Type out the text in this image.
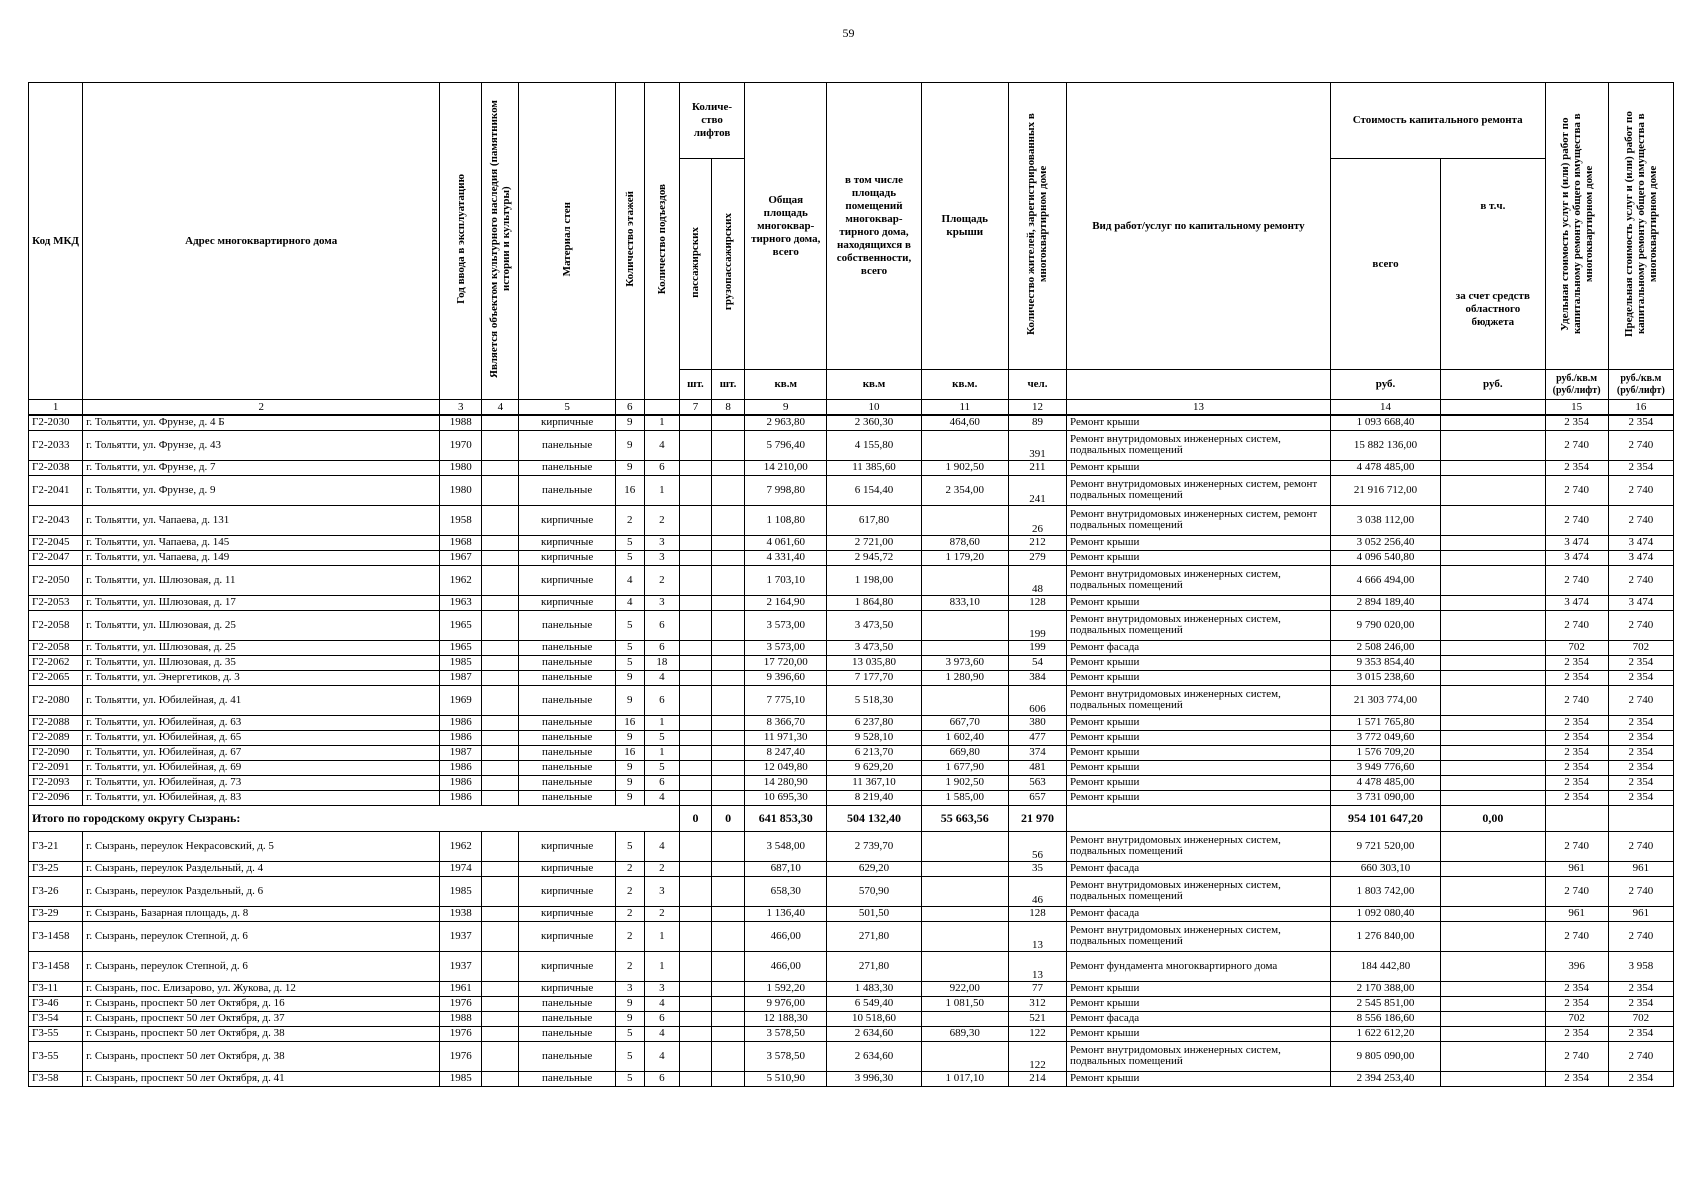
59
Код МКД	Адрес многоквартирного дома	Год ввода в эксплуатацию	Является объектом культурного наследия (памятником истории и культуры)	Материал стен	Количество этажей	Количество подъездов	Количе-ство лифтов		Общая площадь многоквар-тирного дома, всего	в том числе площадь помещений многоквар-тирного дома, находящихся в собственности, всего	Площадь крыши	Количество жителей, зарегистрированных в многоквартирном доме	Вид работ/услуг по капитальному ремонту	Стоимость капитального ремонта		Удельная стоимость услуг и (или) работ по капитальному ремонту общего имущества в многоквартирном доме	Предельная стоимость услуг и (или) работ по капитальному ремонту общего имущества в многоквартирном доме
							пассажирских	грузопассажирских						всего	в т.ч.
за счет средств областного бюджета		

							шт.	шт.	кв.м	кв.м	кв.м.	чел.		руб.	руб.	руб./кв.м (руб/лифт)	руб./кв.м (руб/лифт)
1	2	3	4	5	6		7	8	9	10	11	12	13	14		15	16
Г2-2030	г. Тольятти, ул. Фрунзе, д. 4 Б	1988		кирпичные	9	1			2 963,80	2 360,30	464,60	89	Ремонт крыши	1 093 668,40		2 354	2 354
Г2-2033	г. Тольятти, ул. Фрунзе, д. 43	1970		панельные	9	4			5 796,40	4 155,80		391	Ремонт внутридомовых инженерных систем, подвальных помещений	15 882 136,00		2 740	2 740
Г2-2038	г. Тольятти, ул. Фрунзе, д. 7	1980		панельные	9	6			14 210,00	11 385,60	1 902,50	211	Ремонт крыши	4 478 485,00		2 354	2 354
Г2-2041	г. Тольятти, ул. Фрунзе, д. 9	1980		панельные	16	1			7 998,80	6 154,40	2 354,00	241	Ремонт внутридомовых инженерных систем, ремонт подвальных помещений	21 916 712,00		2 740	2 740
Г2-2043	г. Тольятти, ул. Чапаева, д. 131	1958		кирпичные	2	2			1 108,80	617,80		26	Ремонт внутридомовых инженерных систем, ремонт подвальных помещений	3 038 112,00		2 740	2 740
Г2-2045	г. Тольятти, ул. Чапаева, д. 145	1968		кирпичные	5	3			4 061,60	2 721,00	878,60	212	Ремонт крыши	3 052 256,40		3 474	3 474
Г2-2047	г. Тольятти, ул. Чапаева, д. 149	1967		кирпичные	5	3			4 331,40	2 945,72	1 179,20	279	Ремонт крыши	4 096 540,80		3 474	3 474
Г2-2050	г. Тольятти, ул. Шлюзовая, д. 11	1962		кирпичные	4	2			1 703,10	1 198,00		48	Ремонт внутридомовых инженерных систем, подвальных помещений	4 666 494,00		2 740	2 740
Г2-2053	г. Тольятти, ул. Шлюзовая, д. 17	1963		кирпичные	4	3			2 164,90	1 864,80	833,10	128	Ремонт крыши	2 894 189,40		3 474	3 474
Г2-2058	г. Тольятти, ул. Шлюзовая, д. 25	1965		панельные	5	6			3 573,00	3 473,50		199	Ремонт внутридомовых инженерных систем, подвальных помещений	9 790 020,00		2 740	2 740
Г2-2058	г. Тольятти, ул. Шлюзовая, д. 25	1965		панельные	5	6			3 573,00	3 473,50		199	Ремонт фасада	2 508 246,00		702	702
Г2-2062	г. Тольятти, ул. Шлюзовая, д. 35	1985		панельные	5	18			17 720,00	13 035,80	3 973,60	54	Ремонт крыши	9 353 854,40		2 354	2 354
Г2-2065	г. Тольятти, ул. Энергетиков, д. 3	1987		панельные	9	4			9 396,60	7 177,70	1 280,90	384	Ремонт крыши	3 015 238,60		2 354	2 354
Г2-2080	г. Тольятти, ул. Юбилейная, д. 41	1969		панельные	9	6			7 775,10	5 518,30		606	Ремонт внутридомовых инженерных систем, подвальных помещений	21 303 774,00		2 740	2 740
Г2-2088	г. Тольятти, ул. Юбилейная, д. 63	1986		панельные	16	1			8 366,70	6 237,80	667,70	380	Ремонт крыши	1 571 765,80		2 354	2 354
Г2-2089	г. Тольятти, ул. Юбилейная, д. 65	1986		панельные	9	5			11 971,30	9 528,10	1 602,40	477	Ремонт крыши	3 772 049,60		2 354	2 354
Г2-2090	г. Тольятти, ул. Юбилейная, д. 67	1987		панельные	16	1			8 247,40	6 213,70	669,80	374	Ремонт крыши	1 576 709,20		2 354	2 354
Г2-2091	г. Тольятти, ул. Юбилейная, д. 69	1986		панельные	9	5			12 049,80	9 629,20	1 677,90	481	Ремонт крыши	3 949 776,60		2 354	2 354
Г2-2093	г. Тольятти, ул. Юбилейная, д. 73	1986		панельные	9	6			14 280,90	11 367,10	1 902,50	563	Ремонт крыши	4 478 485,00		2 354	2 354
Г2-2096	г. Тольятти, ул. Юбилейная, д. 83	1986		панельные	9	4			10 695,30	8 219,40	1 585,00	657	Ремонт крыши	3 731 090,00		2 354	2 354
Итого по городскому округу Сызрань:							0	0	641 853,30	504 132,40	55 663,56	21 970		954 101 647,20	0,00		
Г3-21	г. Сызрань, переулок Некрасовский, д. 5	1962		кирпичные	5	4			3 548,00	2 739,70		56	Ремонт внутридомовых инженерных систем, подвальных помещений	9 721 520,00		2 740	2 740
Г3-25	г. Сызрань, переулок Раздельный, д. 4	1974		кирпичные	2	2			687,10	629,20		35	Ремонт фасада	660 303,10		961	961
Г3-26	г. Сызрань, переулок Раздельный, д. 6	1985		кирпичные	2	3			658,30	570,90		46	Ремонт внутридомовых инженерных систем, подвальных помещений	1 803 742,00		2 740	2 740
Г3-29	г. Сызрань, Базарная площадь, д. 8	1938		кирпичные	2	2			1 136,40	501,50		128	Ремонт фасада	1 092 080,40		961	961
Г3-1458	г. Сызрань, переулок Степной, д. 6	1937		кирпичные	2	1			466,00	271,80		13	Ремонт внутридомовых инженерных систем, подвальных помещений	1 276 840,00		2 740	2 740
Г3-1458	г. Сызрань, переулок Степной, д. 6	1937		кирпичные	2	1			466,00	271,80		13	Ремонт фундамента многоквартирного дома	184 442,80		396	3 958
Г3-11	г. Сызрань, пос. Елизарово, ул. Жукова, д. 12	1961		кирпичные	3	3			1 592,20	1 483,30	922,00	77	Ремонт крыши	2 170 388,00		2 354	2 354
Г3-46	г. Сызрань, проспект 50 лет Октября, д. 16	1976		панельные	9	4			9 976,00	6 549,40	1 081,50	312	Ремонт крыши	2 545 851,00		2 354	2 354
Г3-54	г. Сызрань, проспект 50 лет Октября, д. 37	1988		панельные	9	6			12 188,30	10 518,60		521	Ремонт фасада	8 556 186,60		702	702
Г3-55	г. Сызрань, проспект 50 лет Октября, д. 38	1976		панельные	5	4			3 578,50	2 634,60	689,30	122	Ремонт крыши	1 622 612,20		2 354	2 354
Г3-55	г. Сызрань, проспект 50 лет Октября, д. 38	1976		панельные	5	4			3 578,50	2 634,60		122	Ремонт внутридомовых инженерных систем, подвальных помещений	9 805 090,00		2 740	2 740
Г3-58	г. Сызрань, проспект 50 лет Октября, д. 41	1985		панельные	5	6			5 510,90	3 996,30	1 017,10	214	Ремонт крыши	2 394 253,40		2 354	2 354
